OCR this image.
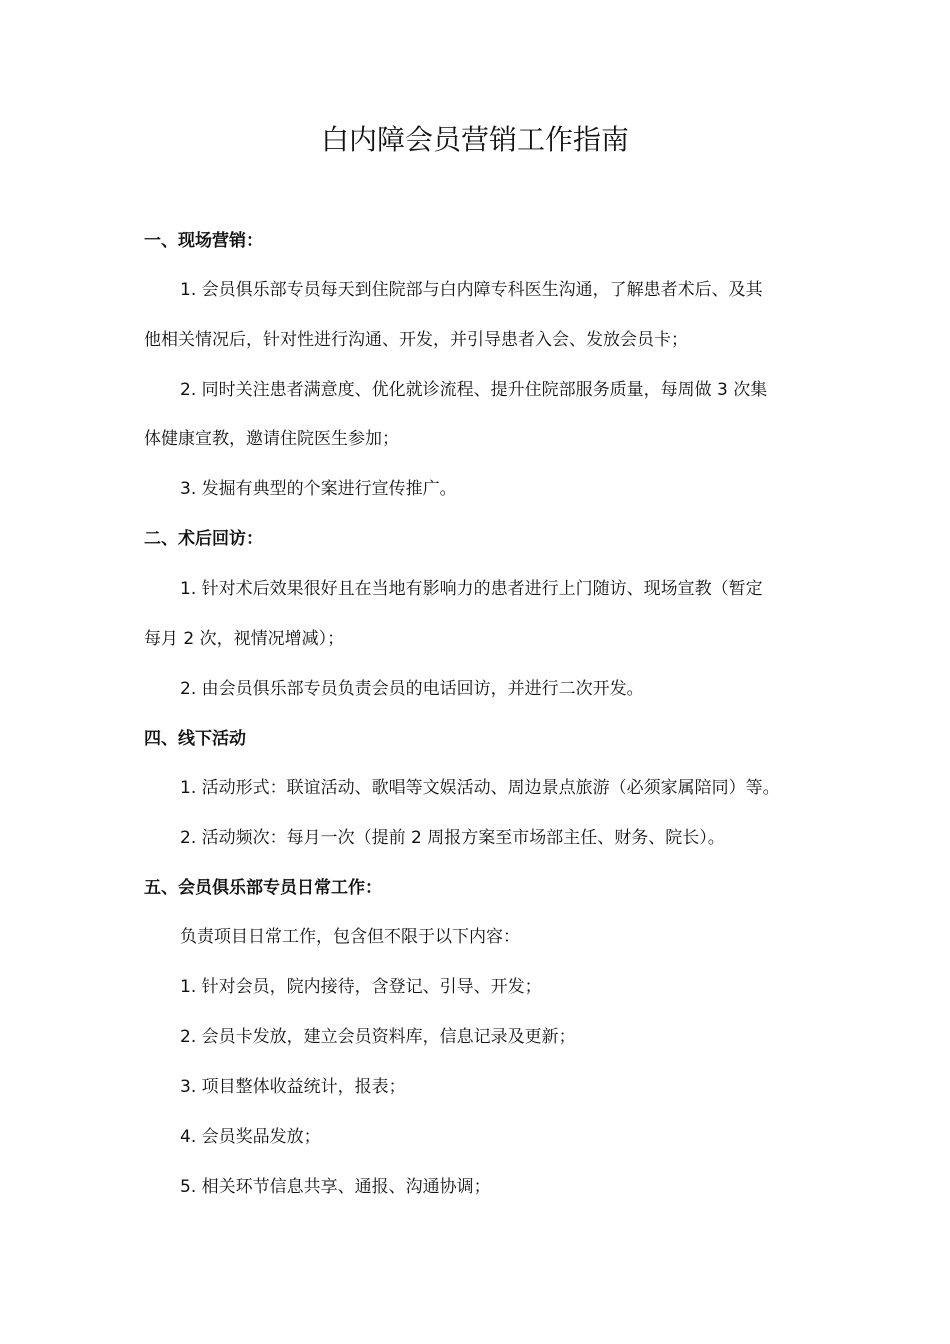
白内障会员营销工作指南
一、现场营销：
1. 会员俱乐部专员每天到住院部与白内障专科医生沟通，了解患者术后、及其
他相关情况后，针对性进行沟通、开发，并引导患者入会、发放会员卡；
2. 同时关注患者满意度、优化就诊流程、提升住院部服务质量，每周做 3 次集
体健康宣教，邀请住院医生参加；
3. 发掘有典型的个案进行宣传推广。
二、术后回访：
1. 针对术后效果很好且在当地有影响力的患者进行上门随访、现场宣教（暂定
每月 2 次，视情况增减）；
2. 由会员俱乐部专员负责会员的电话回访，并进行二次开发。
四、线下活动
1. 活动形式：联谊活动、歌唱等文娱活动、周边景点旅游（必须家属陪同）等。
2. 活动频次：每月一次（提前 2 周报方案至市场部主任、财务、院长）。
五、会员俱乐部专员日常工作：
负责项目日常工作，包含但不限于以下内容：
1. 针对会员，院内接待，含登记、引导、开发；
2. 会员卡发放，建立会员资料库，信息记录及更新；
3. 项目整体收益统计，报表；
4. 会员奖品发放；
5. 相关环节信息共享、通报、沟通协调；
